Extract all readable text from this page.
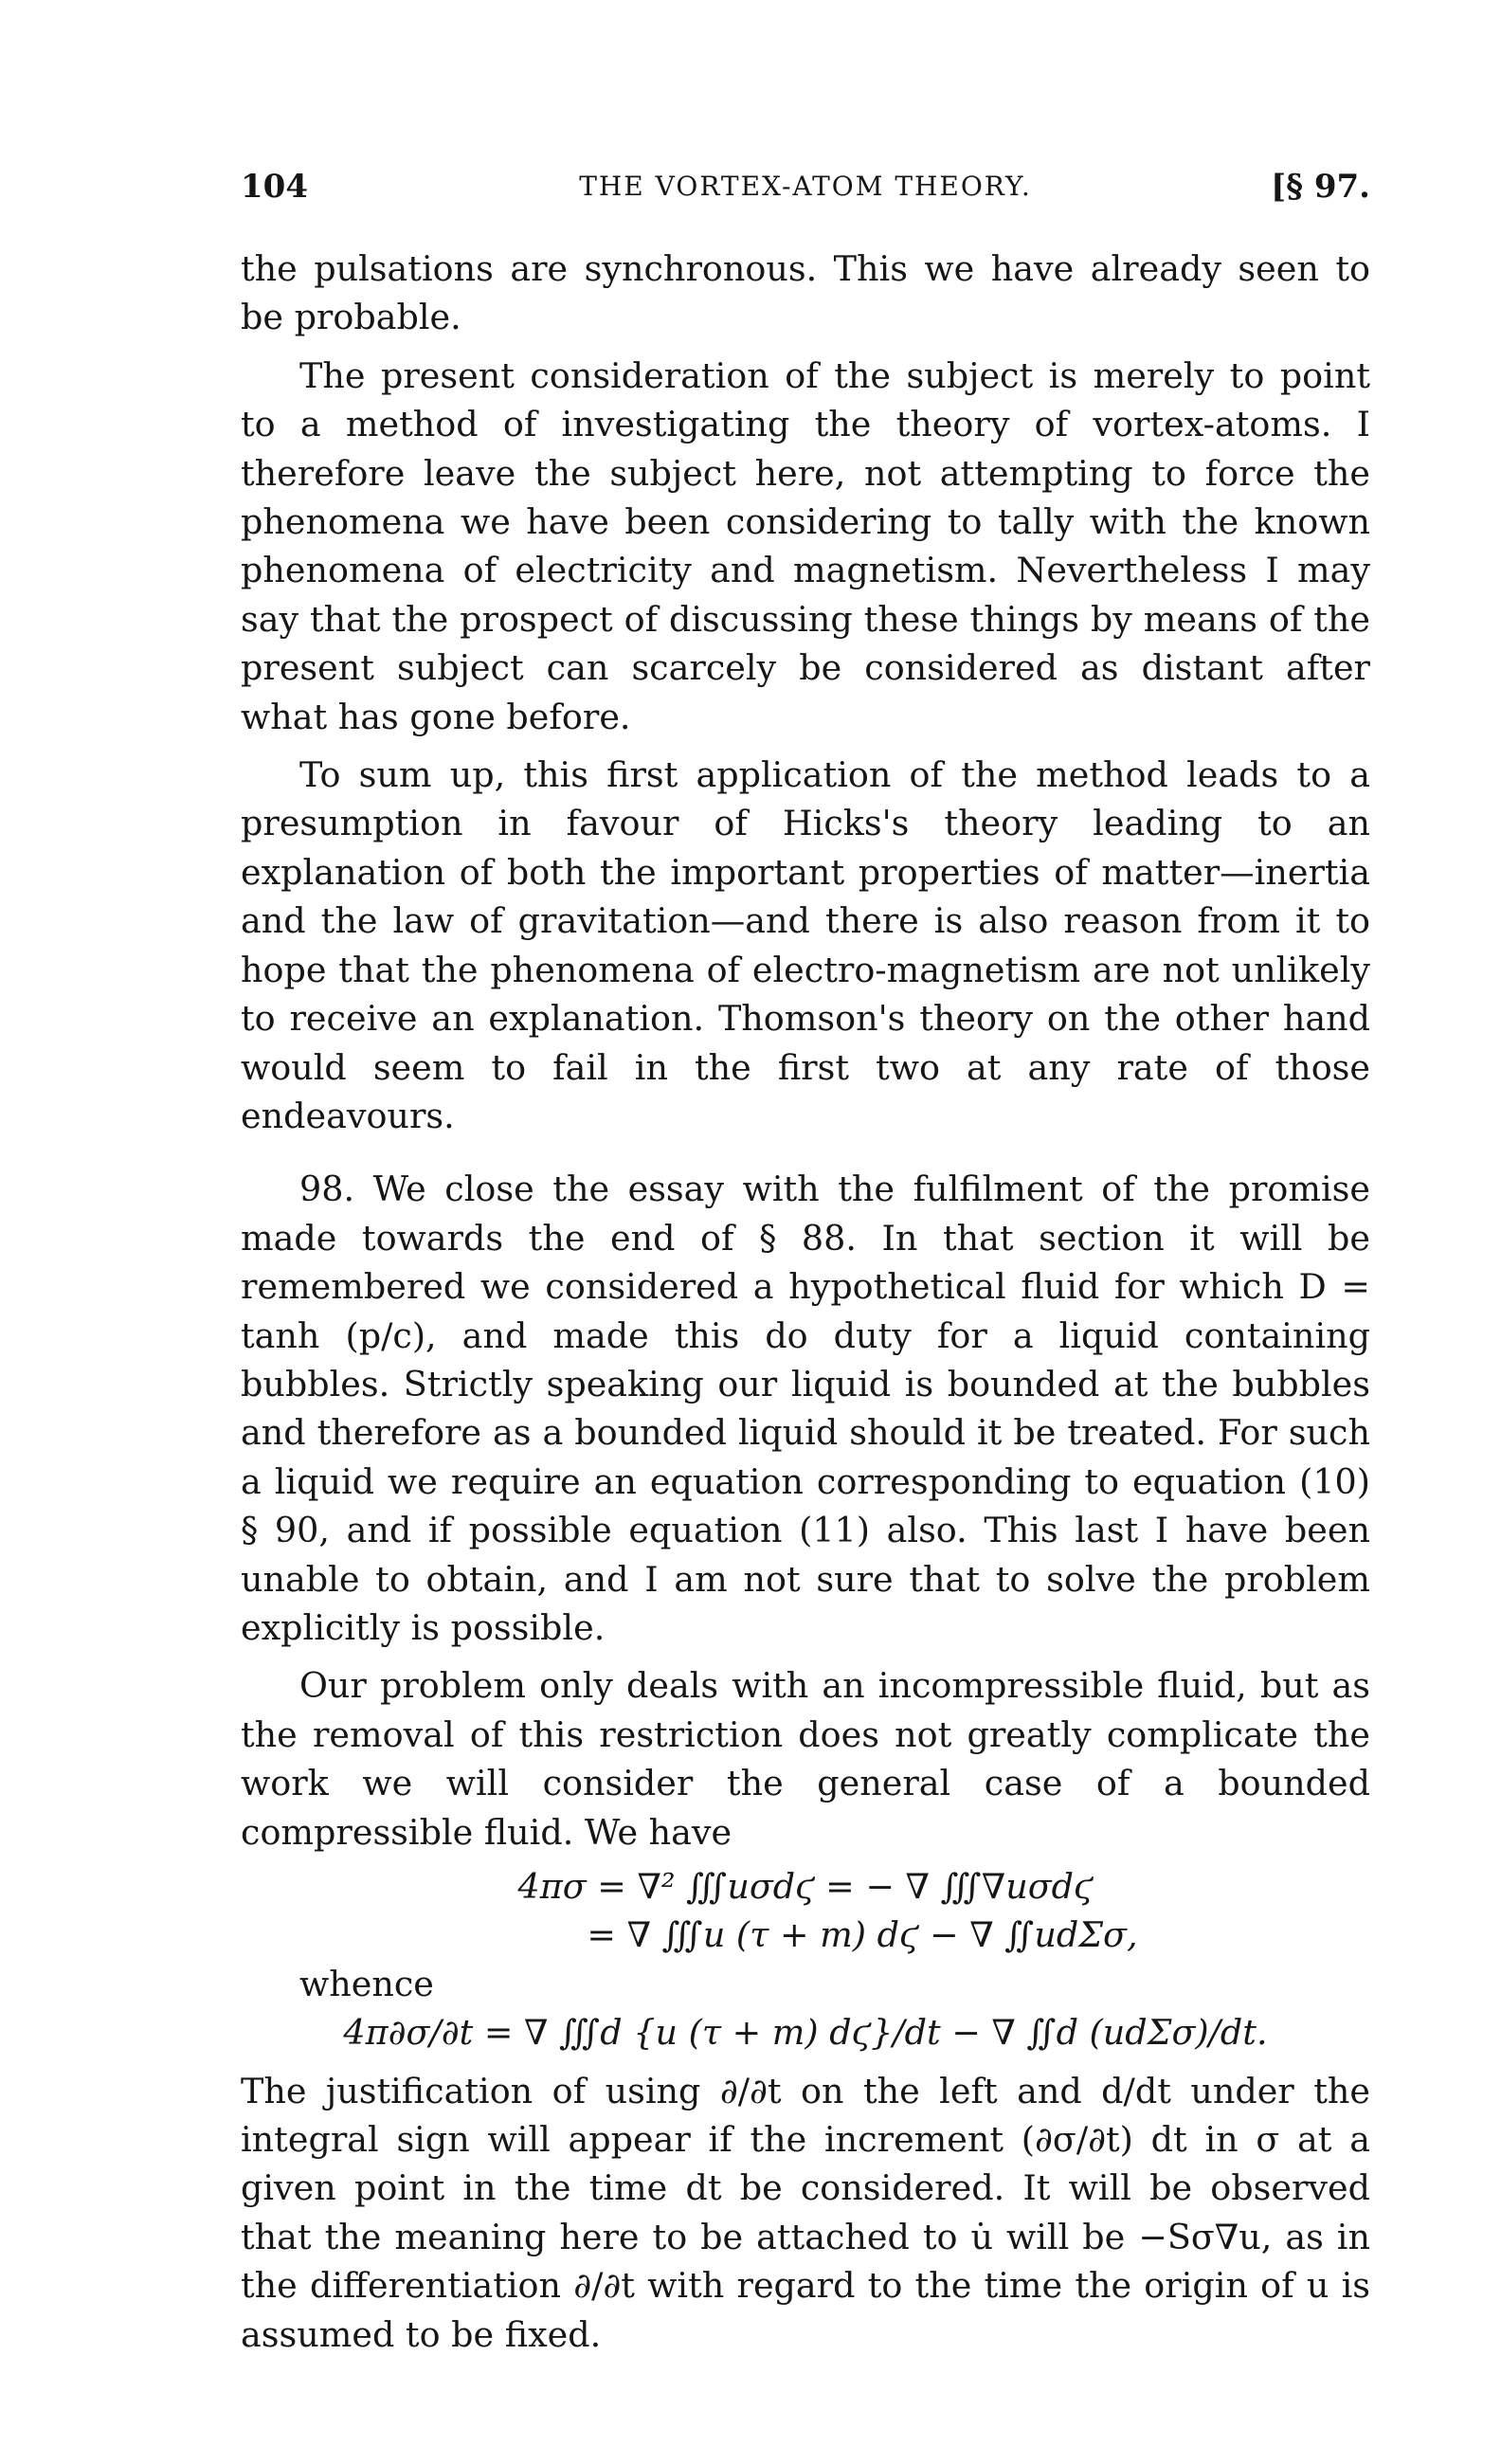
104	THE VORTEX-ATOM THEORY.	[§ 97.

the pulsations are synchronous. This we have already seen to be probable.

The present consideration of the subject is merely to point to a method of investigating the theory of vortex-atoms. I therefore leave the subject here, not attempting to force the phenomena we have been considering to tally with the known phenomena of electricity and magnetism. Nevertheless I may say that the prospect of discussing these things by means of the present subject can scarcely be considered as distant after what has gone before.

To sum up, this first application of the method leads to a presumption in favour of Hicks's theory leading to an explanation of both the important properties of matter—inertia and the law of gravitation—and there is also reason from it to hope that the phenomena of electro-magnetism are not unlikely to receive an explanation. Thomson's theory on the other hand would seem to fail in the first two at any rate of those endeavours.

98. We close the essay with the fulfilment of the promise made towards the end of § 88. In that section it will be remembered we considered a hypothetical fluid for which D = tanh (p/c), and made this do duty for a liquid containing bubbles. Strictly speaking our liquid is bounded at the bubbles and therefore as a bounded liquid should it be treated. For such a liquid we require an equation corresponding to equation (10) § 90, and if possible equation (11) also. This last I have been unable to obtain, and I am not sure that to solve the problem explicitly is possible.

Our problem only deals with an incompressible fluid, but as the removal of this restriction does not greatly complicate the work we will consider the general case of a bounded compressible fluid. We have

4πσ = ∇² ∭uσdϛ = − ∇ ∭∇uσdϛ
= ∇ ∭u (τ + m) dϛ − ∇ ∬udΣσ,

whence

4π∂σ/∂t = ∇ ∭d {u (τ + m) dϛ}/dt − ∇ ∬d (udΣσ)/dt.

The justification of using ∂/∂t on the left and d/dt under the integral sign will appear if the increment (∂σ/∂t) dt in σ at a given point in the time dt be considered. It will be observed that the meaning here to be attached to u̇ will be −Sσ∇u, as in the differentiation ∂/∂t with regard to the time the origin of u is assumed to be fixed.
